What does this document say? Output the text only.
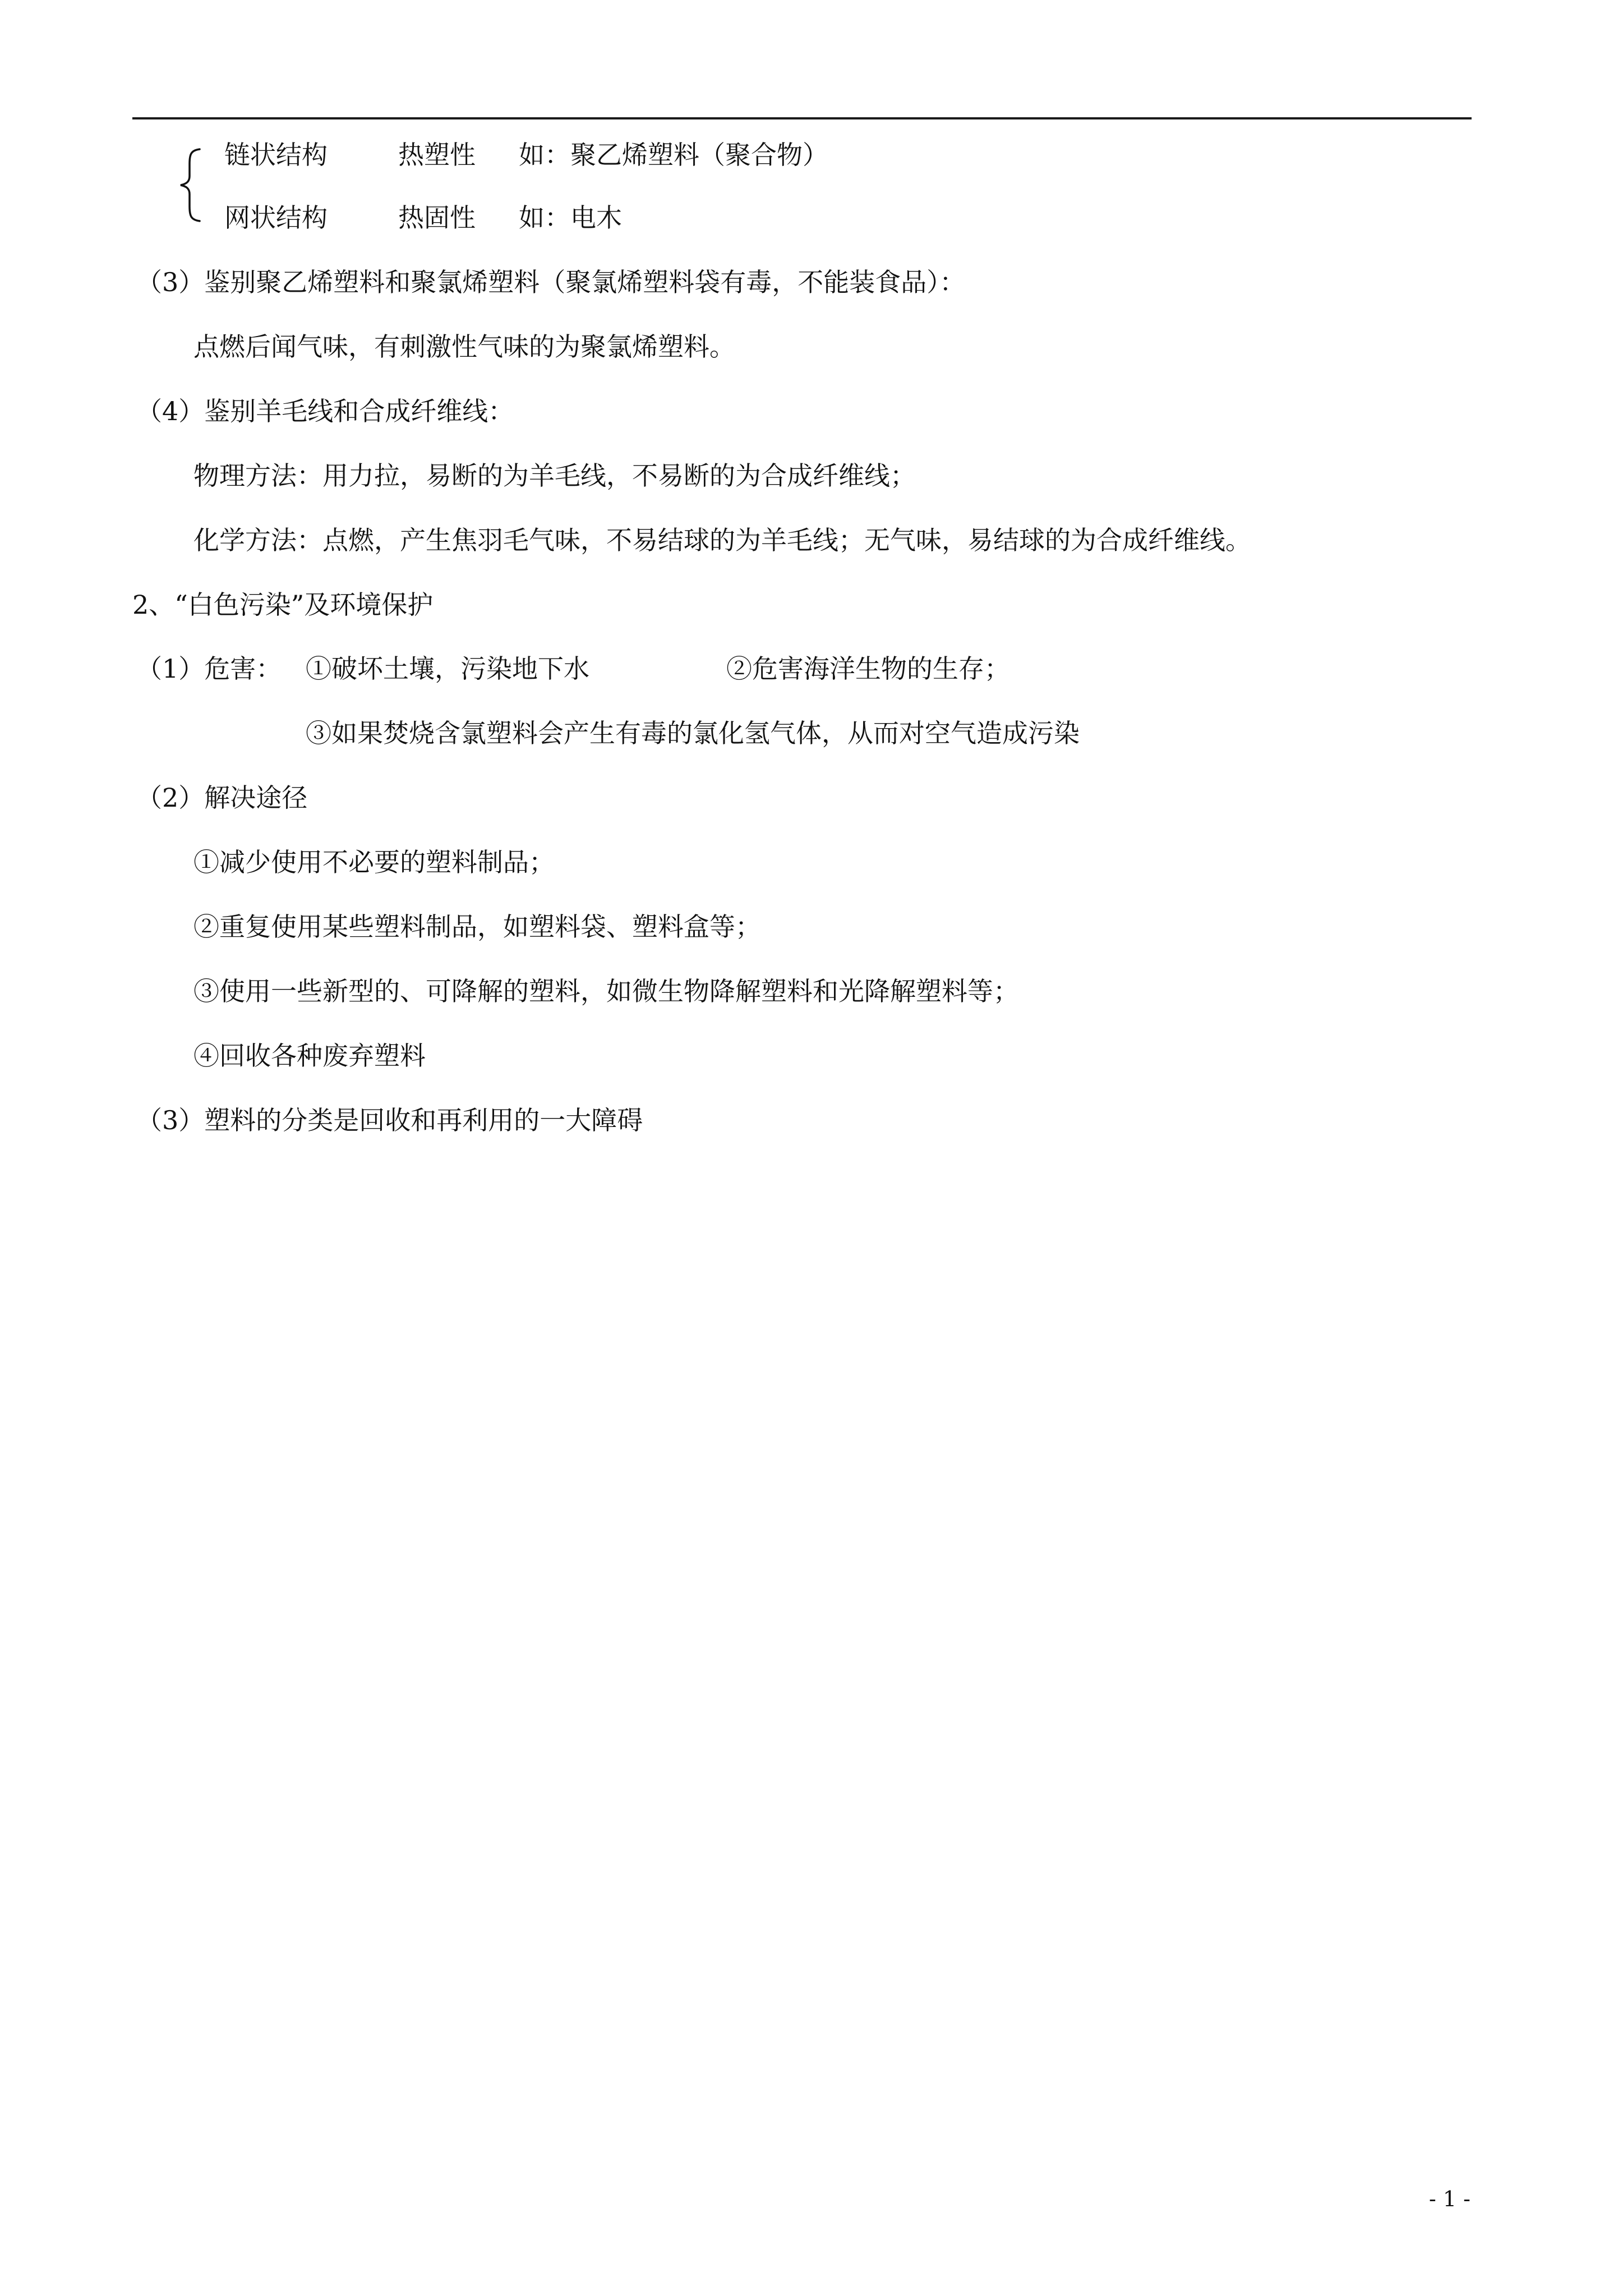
链状结构	热塑性 如：聚乙烯塑料（聚合物）
网状结构	热固性 如：电木
（3）鉴别聚乙烯塑料和聚氯烯塑料（聚氯烯塑料袋有毒，不能装食品）：
点燃后闻气味，有刺激性气味的为聚氯烯塑料。
（4）鉴别羊毛线和合成纤维线：
物理方法：用力拉，易断的为羊毛线，不易断的为合成纤维线；
化学方法：点燃，产生焦羽毛气味，不易结球的为羊毛线；无气味，易结球的为合成纤维线。
2、“白色污染”及环境保护
（1）危害： ①破坏土壤，污染地下水	②危害海洋生物的生存；
③如果焚烧含氯塑料会产生有毒的氯化氢气体，从而对空气造成污染
（2）解决途径
①减少使用不必要的塑料制品；
②重复使用某些塑料制品，如塑料袋、塑料盒等；
③使用一些新型的、可降解的塑料，如微生物降解塑料和光降解塑料等；
④回收各种废弃塑料
（3）塑料的分类是回收和再利用的一大障碍
- 1 -
